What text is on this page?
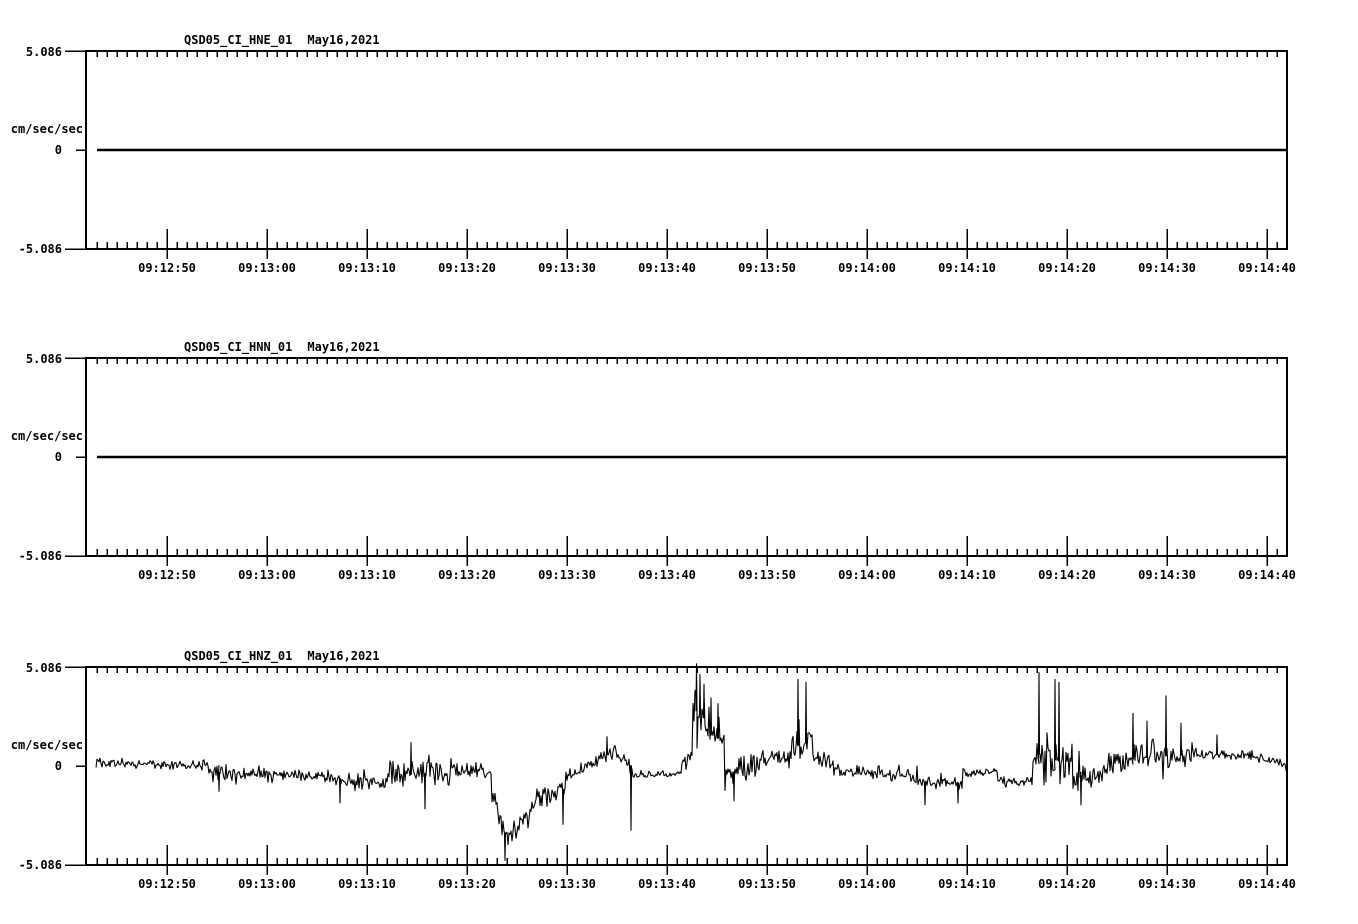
QSD05_CI_HNE_01 May16,2021
cm/sec/sec
5.086
0
-5.086
09:12:50	09:13:00	09:13:10	09:13:20	09:13:30	09:13:40	09:13:50	09:14:00	09:14:10	09:14:20	09:14:30	09:14:40
QSD05_CI_HNN_01 May16,2021
cm/sec/sec
5.086
0
-5.086
09:12:50	09:13:00	09:13:10	09:13:20	09:13:30	09:13:40	09:13:50	09:14:00	09:14:10	09:14:20	09:14:30	09:14:40
QSD05_CI_HNZ_01 May16,2021
cm/sec/sec
5.086
0
-5.086
09:12:50	09:13:00	09:13:10	09:13:20	09:13:30	09:13:40	09:13:50	09:14:00	09:14:10	09:14:20	09:14:30	09:14:40
